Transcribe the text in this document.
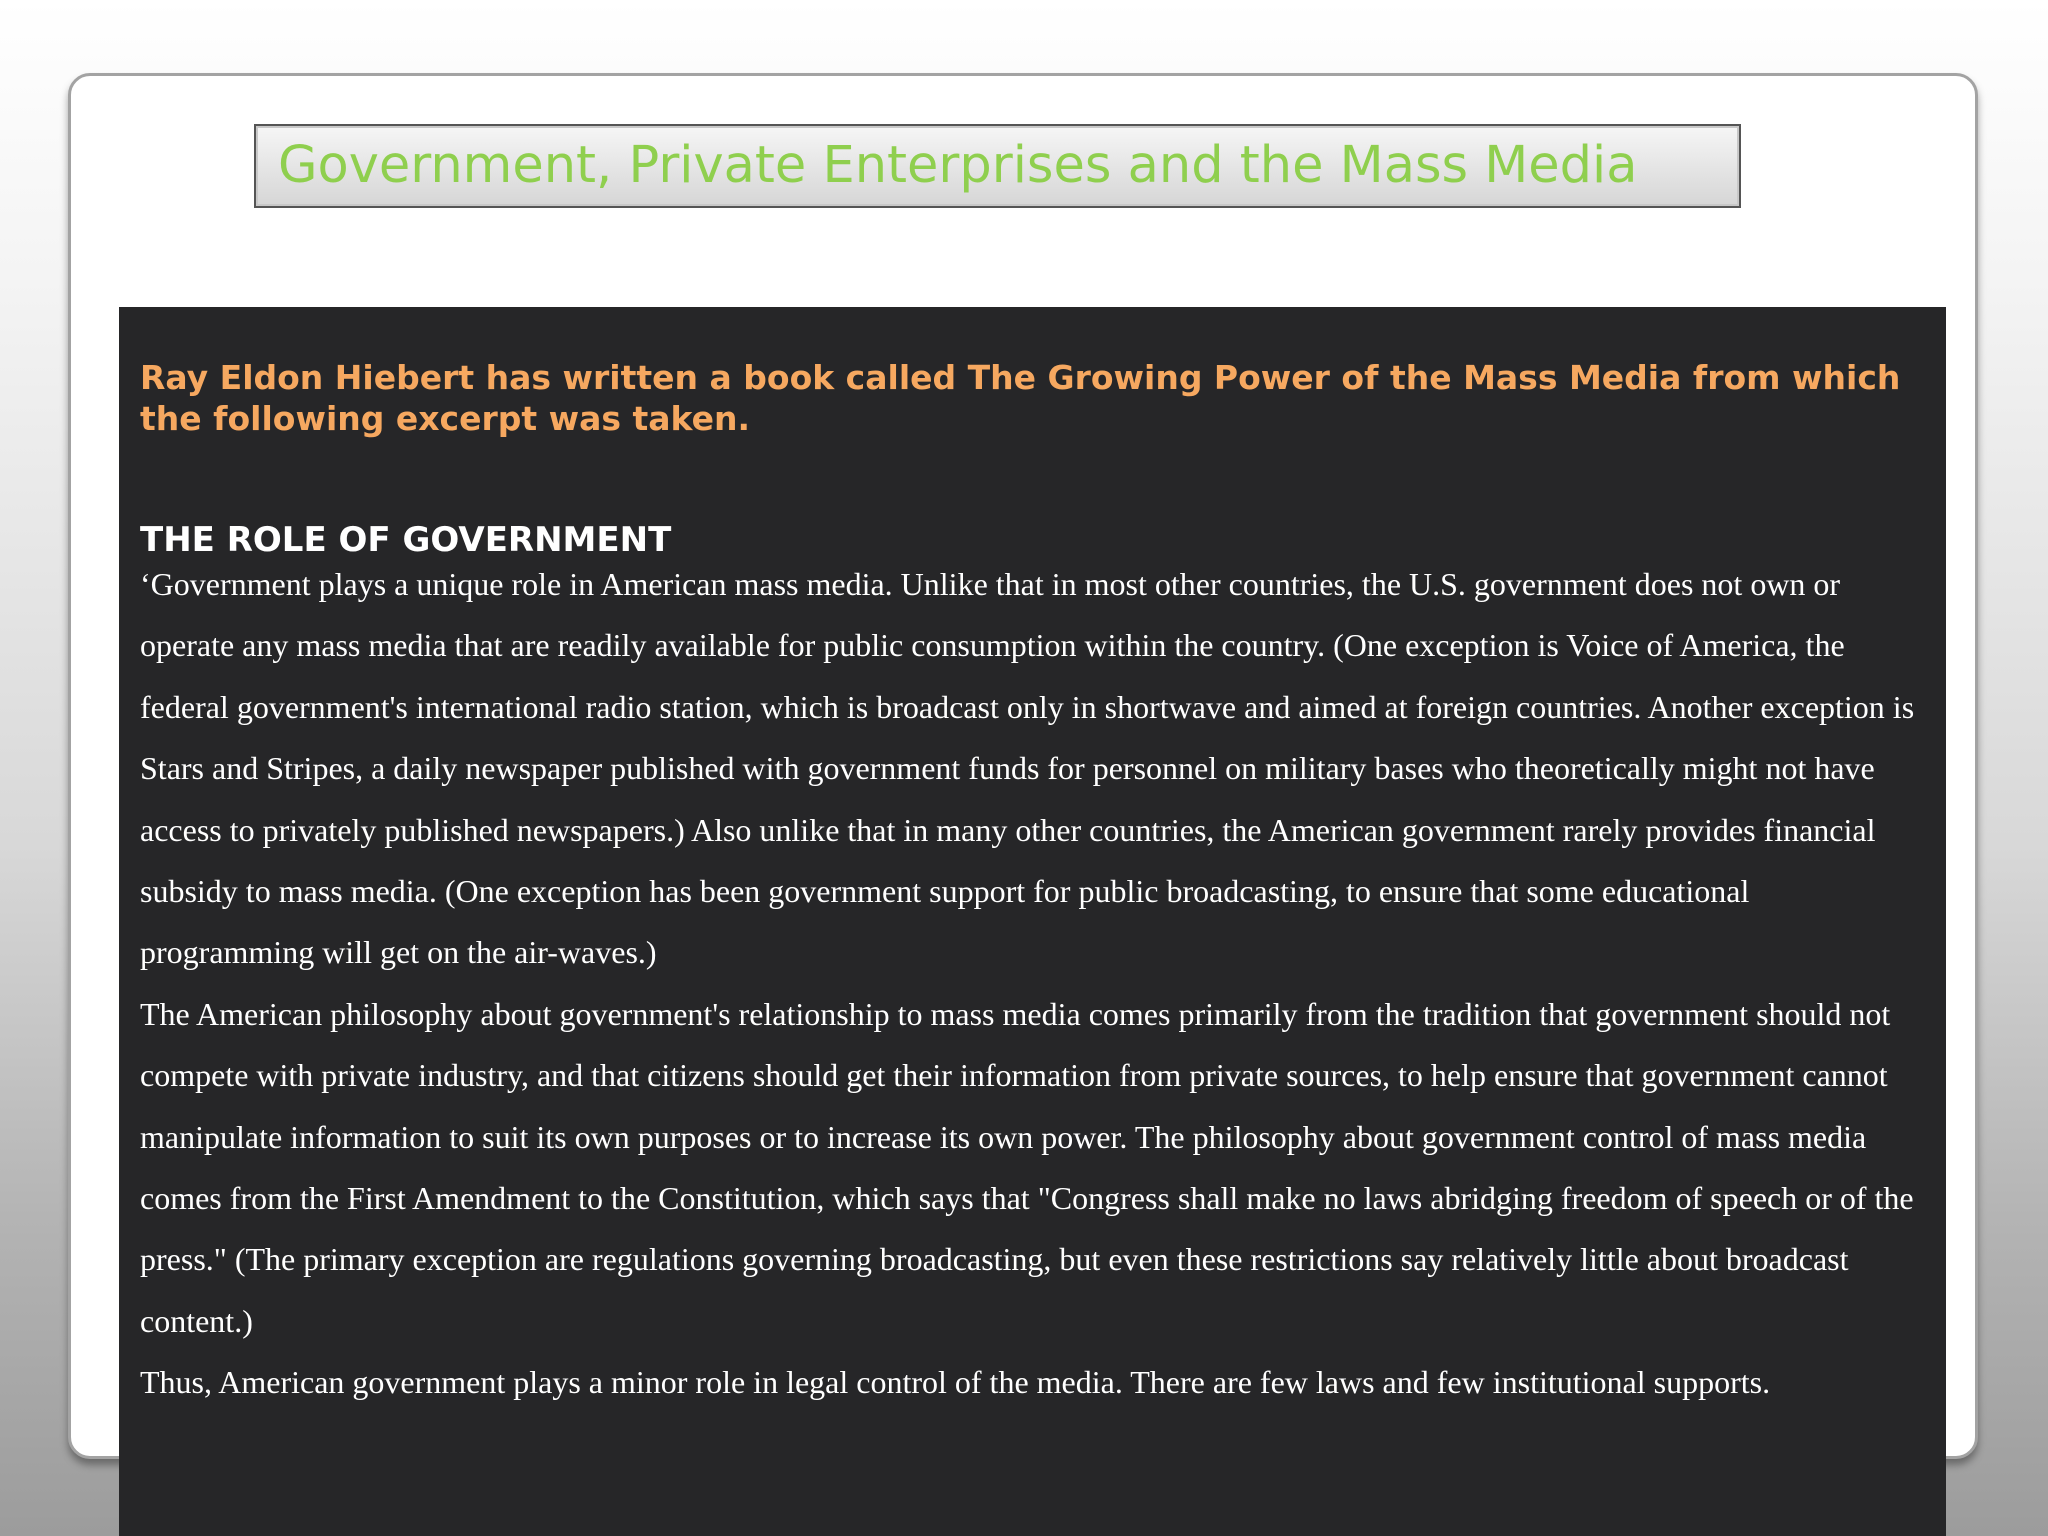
Government, Private Enterprises and the Mass Media

Ray Eldon Hiebert has written a book called The Growing Power of the Mass Media from which the following excerpt was taken.

THE ROLE OF GOVERNMENT

‘Government plays a unique role in American mass media. Unlike that in most other countries, the U.S. government does not own or operate any mass media that are readily available for public consumption within the country. (One exception is Voice of America, the federal government's international radio station, which is broadcast only in shortwave and aimed at foreign countries. Another exception is Stars and Stripes, a daily newspaper published with government funds for personnel on military bases who theoretically might not have access to privately published newspapers.) Also unlike that in many other countries, the American government rarely provides financial subsidy to mass media. (One exception has been government support for public broadcasting, to ensure that some educational programming will get on the air-waves.)

The American philosophy about government's relationship to mass media comes primarily from the tradition that government should not compete with private industry, and that citizens should get their information from private sources, to help ensure that government cannot manipulate information to suit its own purposes or to increase its own power. The philosophy about government control of mass media comes from the First Amendment to the Constitution, which says that "Congress shall make no laws abridging freedom of speech or of the press." (The primary exception are regulations governing broadcasting, but even these restrictions say relatively little about broadcast content.)

Thus, American government plays a minor role in legal control of the media. There are few laws and few institutional supports.
